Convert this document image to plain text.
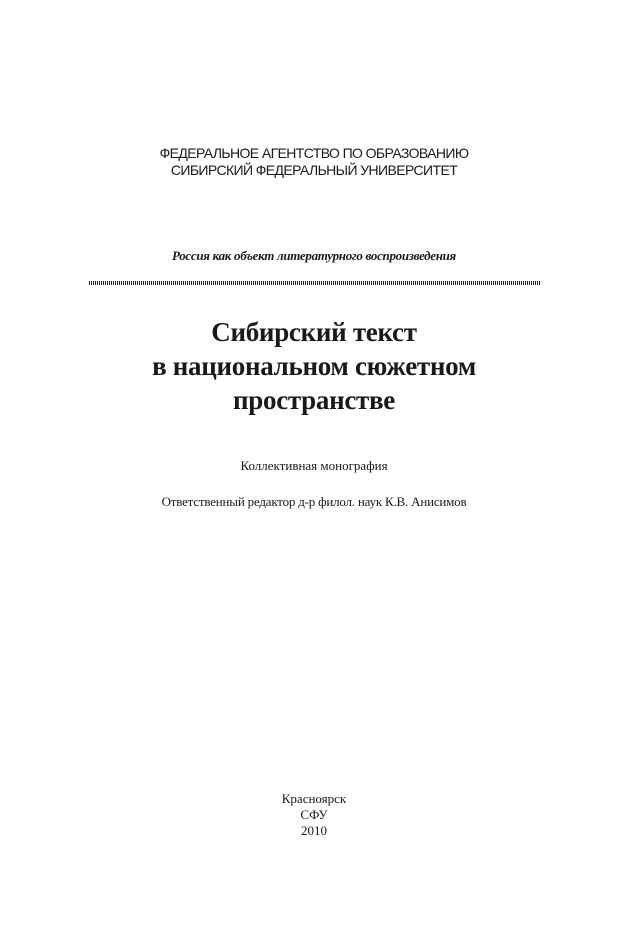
ФЕДЕРАЛЬНОЕ АГЕНТСТВО ПО ОБРАЗОВАНИЮ
СИБИРСКИЙ ФЕДЕРАЛЬНЫЙ УНИВЕРСИТЕТ
Россия как объект литературного воспроизведения
Сибирский текст
в национальном сюжетном
пространстве
Коллективная монография
Ответственный редактор д-р филол. наук К.В. Анисимов
Красноярск
СФУ
2010
